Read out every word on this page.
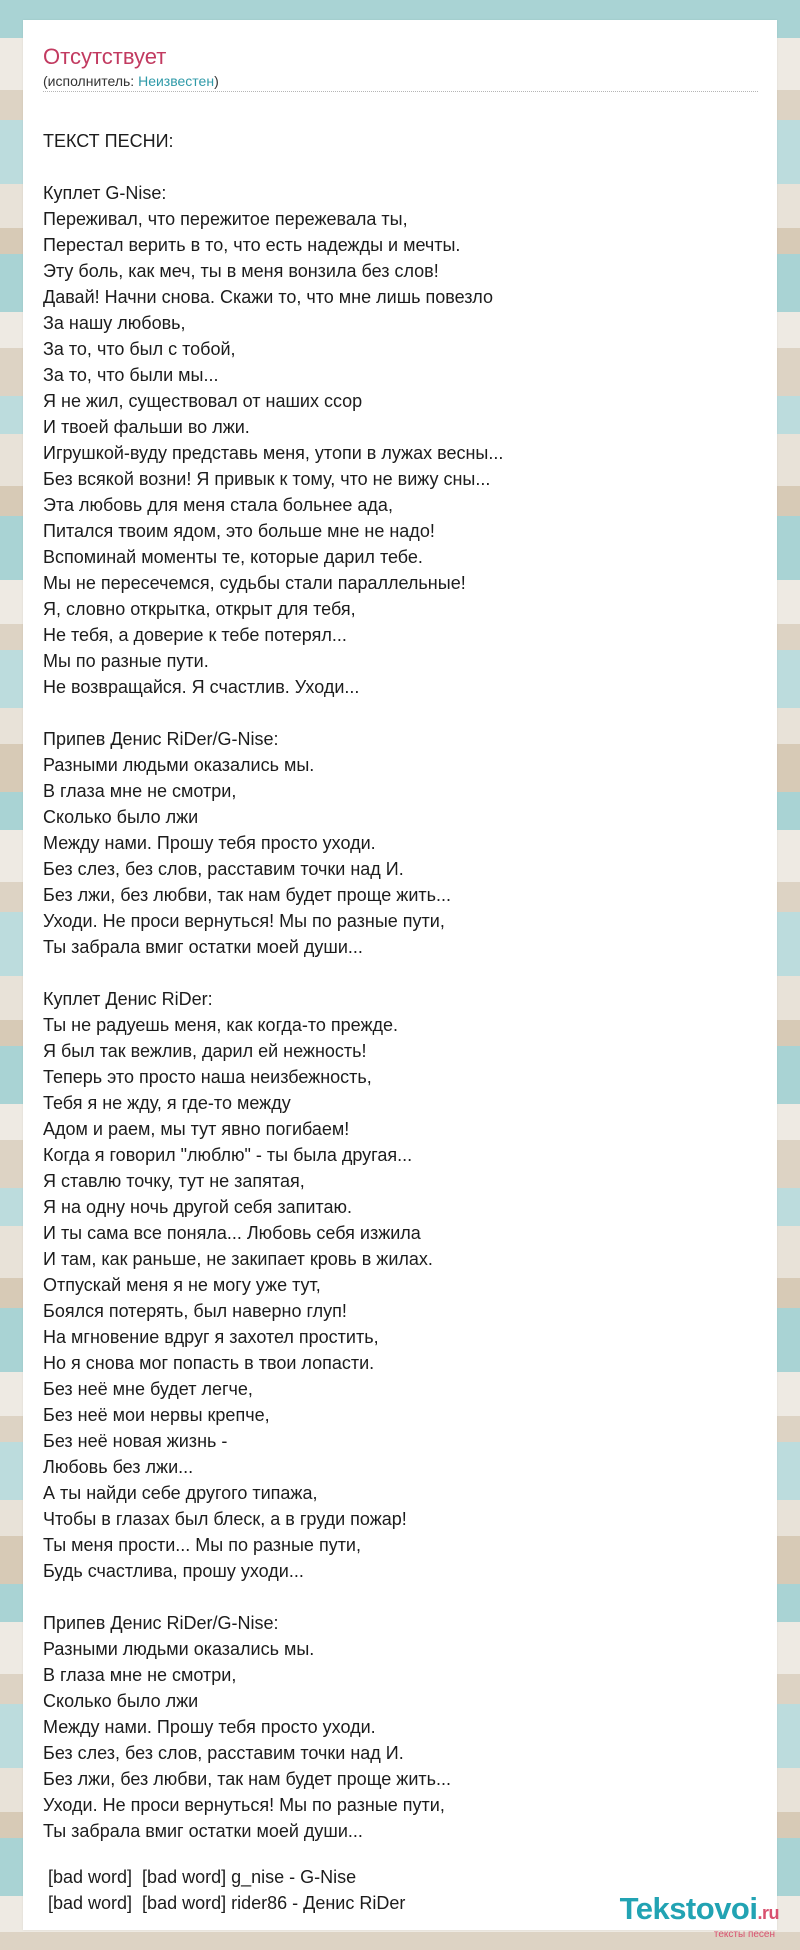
Отсутствует
(исполнитель: Неизвестен)
ТЕКСТ ПЕСНИ:
Куплет G-Nise:
Переживал, что пережитое пережевала ты,
Перестал верить в то, что есть надежды и мечты.
Эту боль, как меч, ты в меня вонзила без слов!
Давай! Начни снова. Скажи то, что мне лишь повезло
За нашу любовь,
За то, что был с тобой,
За то, что были мы...
Я не жил, существовал от наших ссор
И твоей фальши во лжи.
Игрушкой-вуду представь меня, утопи в лужах весны...
Без всякой возни! Я привык к тому, что не вижу сны...
Эта любовь для меня стала больнее ада,
Питался твоим ядом, это больше мне не надо!
Вспоминай моменты те, которые дарил тебе.
Мы не пересечемся, судьбы стали параллельные!
Я, словно открытка, открыт для тебя,
Не тебя, а доверие к тебе потерял...
Мы по разные пути.
Не возвращайся. Я счастлив. Уходи...
Припев Денис RiDer/G-Nise:
Разными людьми оказались мы.
В глаза мне не смотри,
Сколько было лжи
Между нами. Прошу тебя просто уходи.
Без слез, без слов, расставим точки над И.
Без лжи, без любви, так нам будет проще жить...
Уходи. Не проси вернуться! Мы по разные пути,
Ты забрала вмиг остатки моей души...
Куплет Денис RiDer:
Ты не радуешь меня, как когда-то прежде.
Я был так вежлив, дарил ей нежность!
Теперь это просто наша неизбежность,
Тебя я не жду, я где-то между
Адом и раем, мы тут явно погибаем!
Когда я говорил "люблю" - ты была другая...
Я ставлю точку, тут не запятая,
Я на одну ночь другой себя запитаю.
И ты сама все поняла... Любовь себя изжила
И там, как раньше, не закипает кровь в жилах.
Отпускай меня я не могу уже тут,
Боялся потерять, был наверно глуп!
На мгновение вдруг я захотел простить,
Но я снова мог попасть в твои лопасти.
Без неё мне будет легче,
Без неё мои нервы крепче,
Без неё новая жизнь -
Любовь без лжи...
А ты найди себе другого типажа,
Чтобы в глазах был блеск, а в груди пожар!
Ты меня прости... Мы по разные пути,
Будь счастлива, прошу уходи...
Припев Денис RiDer/G-Nise:
Разными людьми оказались мы.
В глаза мне не смотри,
Сколько было лжи
Между нами. Прошу тебя просто уходи.
Без слез, без слов, расставим точки над И.
Без лжи, без любви, так нам будет проще жить...
Уходи. Не проси вернуться! Мы по разные пути,
Ты забрала вмиг остатки моей души...
[bad word]  [bad word] g_nise - G-Nise
[bad word]  [bad word] rider86 - Денис RiDer	Tekstovoi.ru
тексты песен
